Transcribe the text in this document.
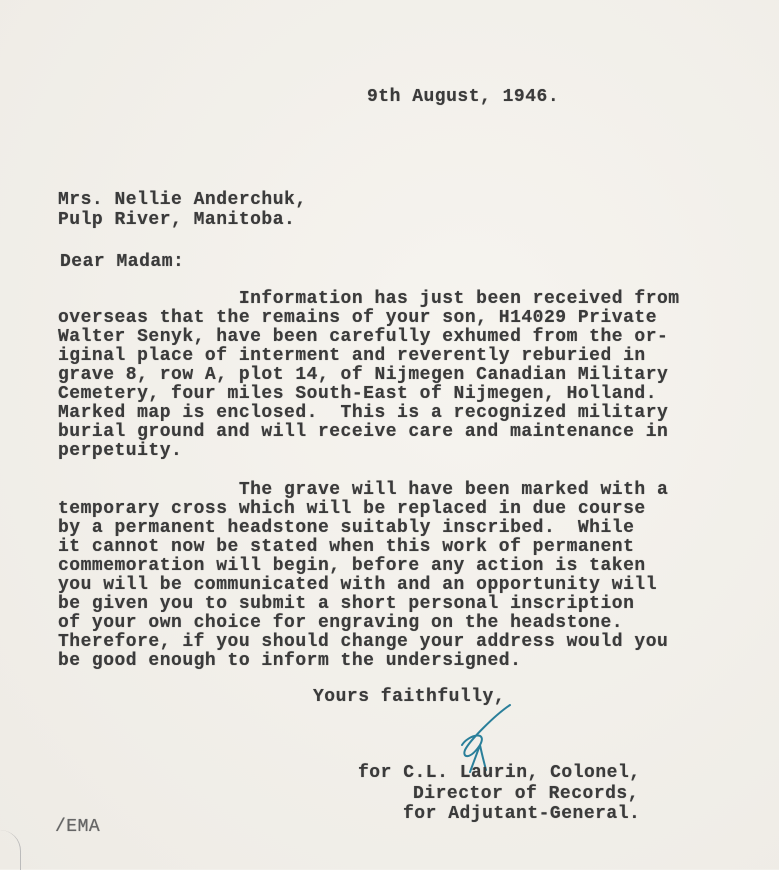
9th August, 1946.
Mrs. Nellie Anderchuk,
Pulp River, Manitoba.
Dear Madam:
Information has just been received from
overseas that the remains of your son, H14029 Private
Walter Senyk, have been carefully exhumed from the or-
iginal place of interment and reverently reburied in
grave 8, row A, plot 14, of Nijmegen Canadian Military
Cemetery, four miles South-East of Nijmegen, Holland.
Marked map is enclosed.  This is a recognized military
burial ground and will receive care and maintenance in
perpetuity.
The grave will have been marked with a
temporary cross which will be replaced in due course
by a permanent headstone suitably inscribed.  While
it cannot now be stated when this work of permanent
commemoration will begin, before any action is taken
you will be communicated with and an opportunity will
be given you to submit a short personal inscription
of your own choice for engraving on the headstone.
Therefore, if you should change your address would you
be good enough to inform the undersigned.
Yours faithfully,
for C.L. Laurin, Colonel,
Director of Records,
for Adjutant-General.
/EMA
